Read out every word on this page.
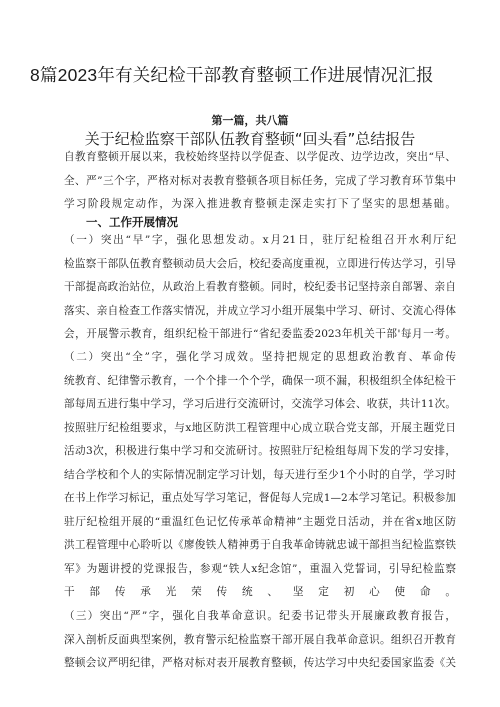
8篇2023年有关纪检干部教育整顿工作进展情况汇报
第一篇，共八篇
关于纪检监察干部队伍教育整顿“回头看”总结报告
自教育整顿开展以来，我校始终坚持以学促查、以学促改、边学边改，突出“早、
全、严”三个字，严格对标对表教育整顿各项目标任务，完成了学习教育环节集中
学习阶段规定动作，为深入推进教育整顿走深走实打下了坚实的思想基础。
一、工作开展情况
（一）突出“早”字，强化思想发动。x月21日，驻厅纪检组召开水利厅纪
检监察干部队伍教育整顿动员大会后，校纪委高度重视，立即进行传达学习，引导
干部提高政治站位，从政治上看教育整顿。同时，校纪委书记坚持亲自部署、亲自
落实、亲自检查工作落实情况，并成立学习小组开展集中学习、研讨、交流心得体
会，开展警示教育，组织纪检干部进行“省纪委监委2023年机关干部'每月一考。
（二）突出“全”字，强化学习成效。坚持把规定的思想政治教育、革命传
统教育、纪律警示教育，一个个排一个个学，确保一项不漏，积极组织全体纪检干
部每周五进行集中学习，学习后进行交流研讨，交流学习体会、收获，共计11次。
按照驻厅纪检组要求，与x地区防洪工程管理中心成立联合党支部，开展主题党日
活动3次，积极进行集中学习和交流研讨。按照驻厅纪检组每周下发的学习安排，
结合学校和个人的实际情况制定学习计划，每天进行至少1个小时的自学，学习时
在书上作学习标记，重点处写学习笔记，督促每人完成1—2本学习笔记。积极参加
驻厅纪检组开展的“重温红色记忆传承革命精神”主题党日活动，并在省x地区防
洪工程管理中心聆听以《廖俊铁人精神勇于自我革命铸就忠诚干部担当纪检监察铁
军》为题讲授的党课报告，参观“铁人x纪念馆”，重温入党誓词，引导纪检监察
干部传承光荣传统、坚定初心使命。
（三）突出“严”字，强化自我革命意识。纪委书记带头开展廉政教育报告，
深入剖析反面典型案例，教育警示纪检监察干部开展自我革命意识。组织召开教育
整顿会议严明纪律，严格对标对表开展教育整顿，传达学习中央纪委国家监委《关
